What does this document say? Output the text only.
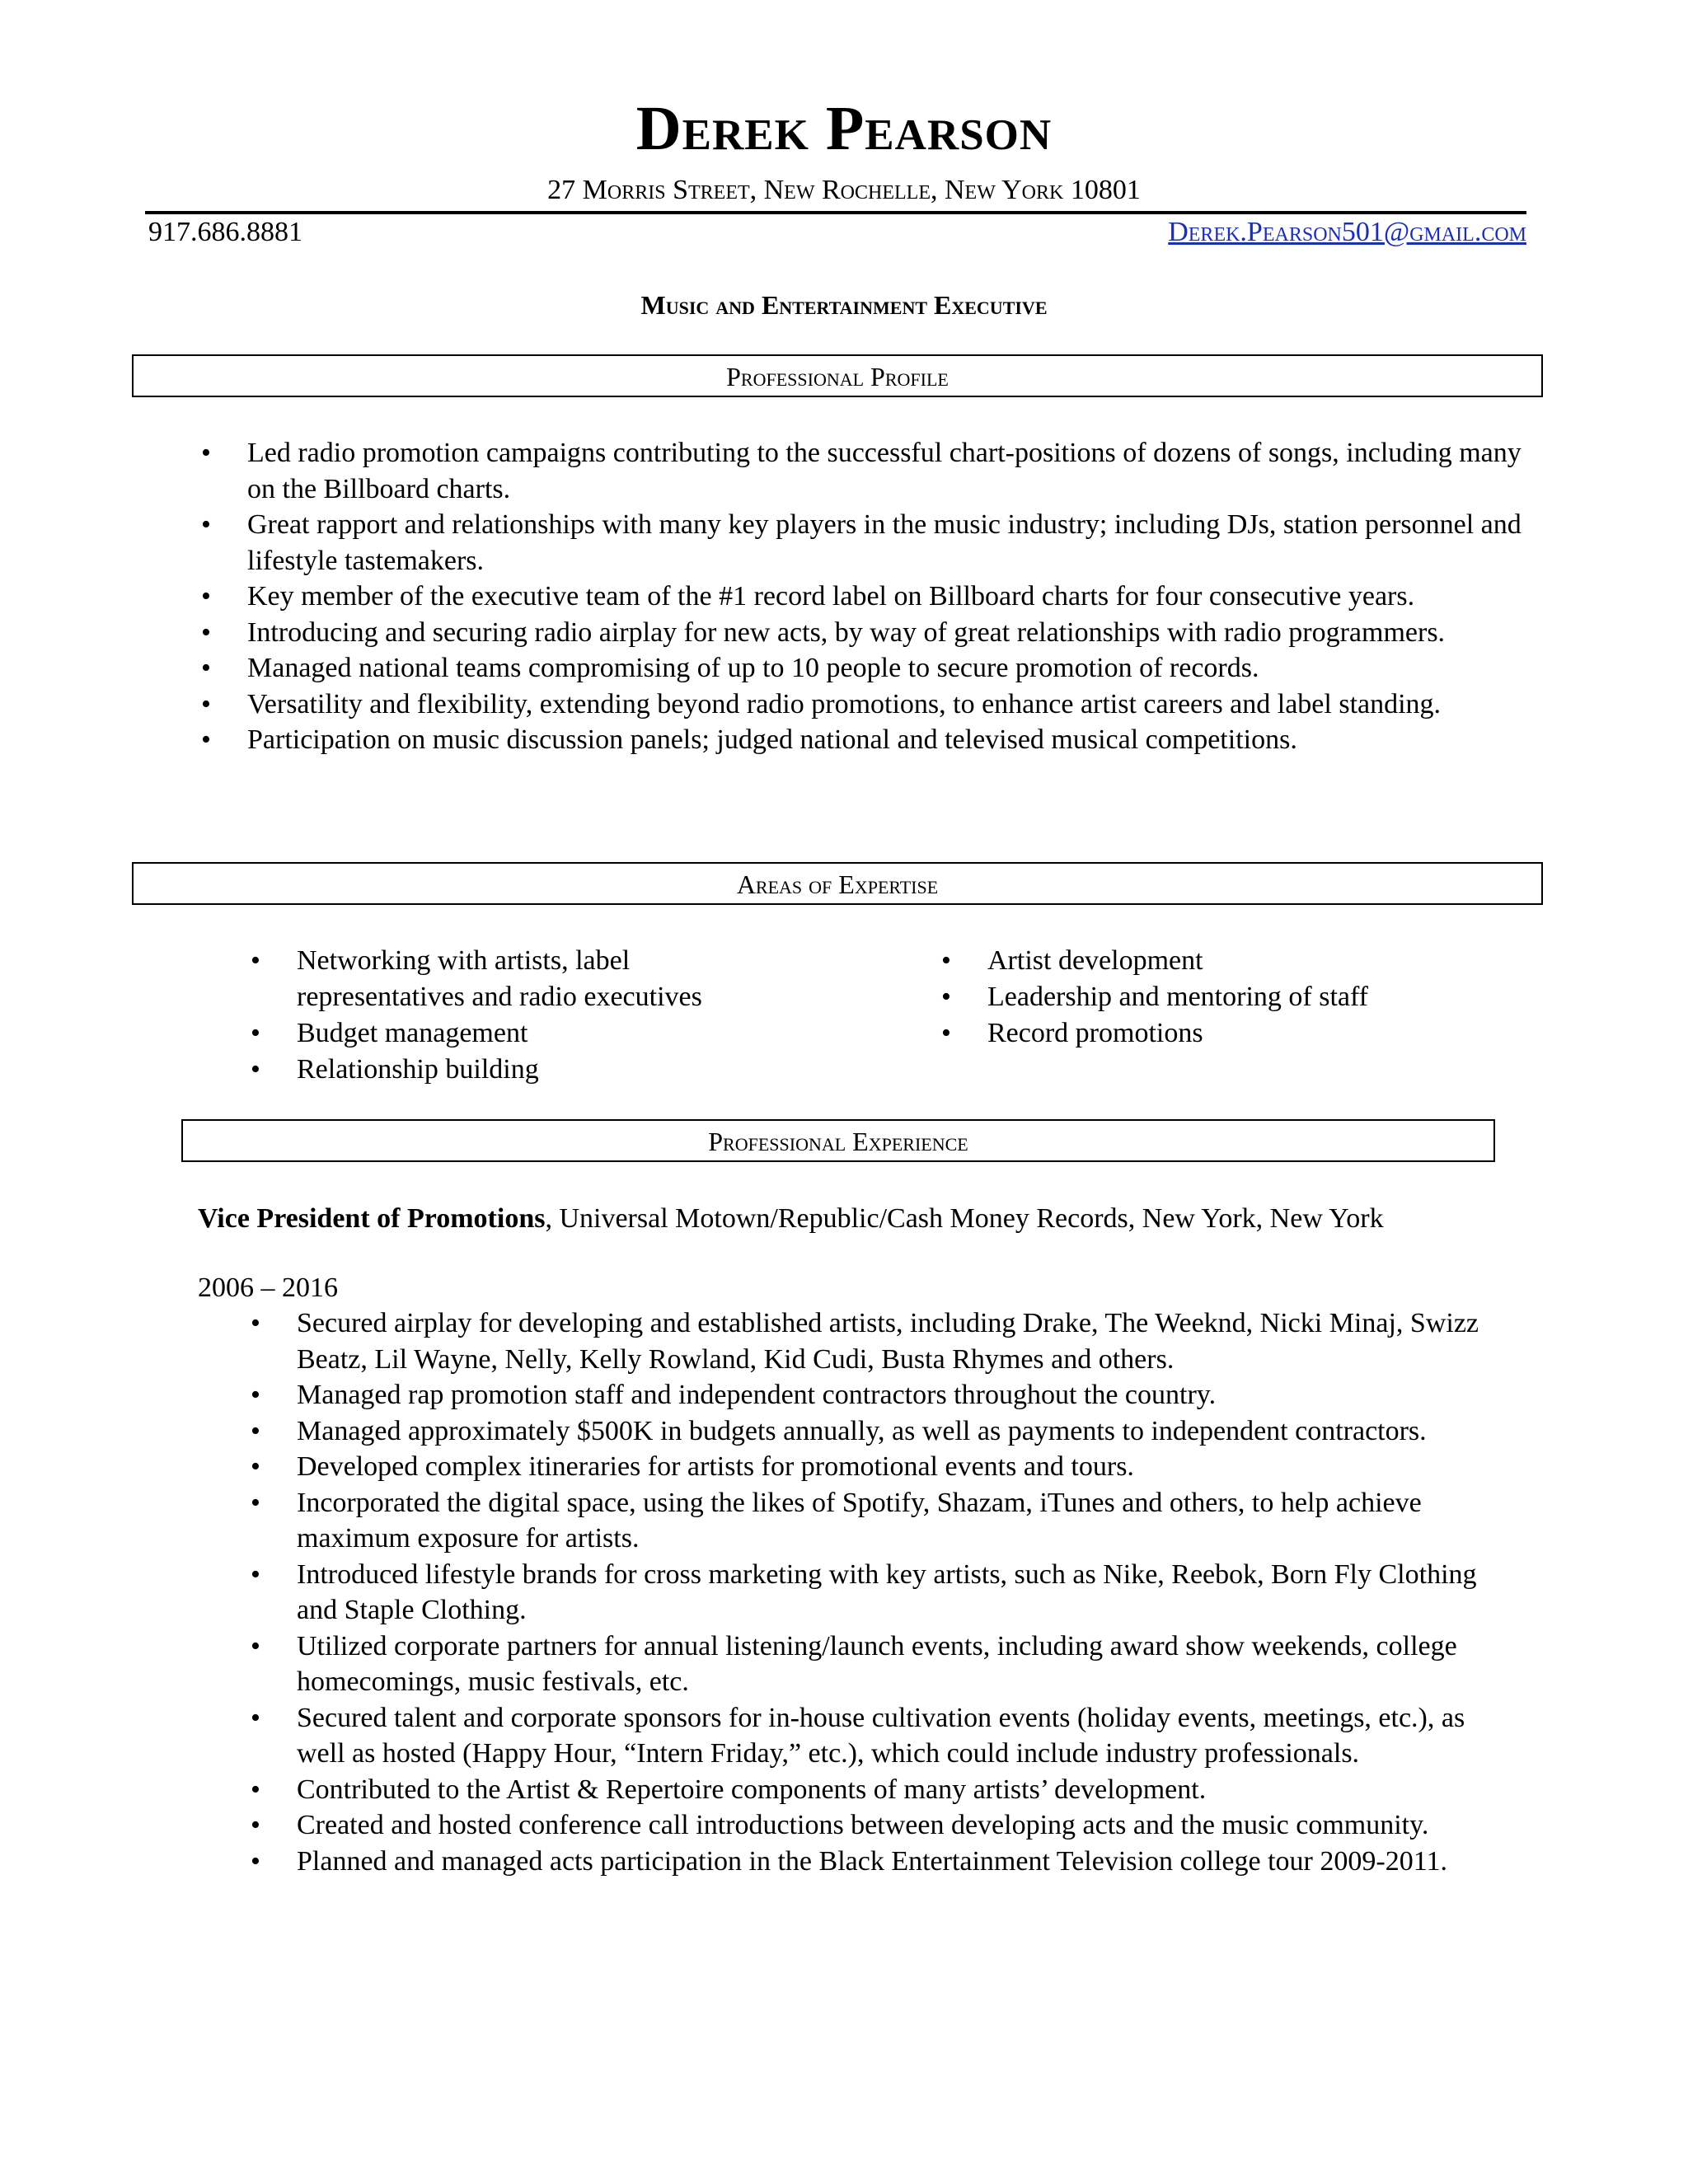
Derek Pearson
27 Morris Street, New Rochelle, New York 10801
917.686.8881	Derek.Pearson501@gmail.com
Music and Entertainment Executive
Professional Profile
• Led radio promotion campaigns contributing to the successful chart-positions of dozens of songs, including many on the Billboard charts.
• Great rapport and relationships with many key players in the music industry; including DJs, station personnel and lifestyle tastemakers.
• Key member of the executive team of the #1 record label on Billboard charts for four consecutive years.
• Introducing and securing radio airplay for new acts, by way of great relationships with radio programmers.
• Managed national teams compromising of up to 10 people to secure promotion of records.
• Versatility and flexibility, extending beyond radio promotions, to enhance artist careers and label standing.
• Participation on music discussion panels; judged national and televised musical competitions.
Areas of Expertise
• Networking with artists, label representatives and radio executives
• Budget management
• Relationship building
• Artist development
• Leadership and mentoring of staff
• Record promotions
Professional Experience
Vice President of Promotions, Universal Motown/Republic/Cash Money Records, New York, New York
2006 – 2016
• Secured airplay for developing and established artists, including Drake, The Weeknd, Nicki Minaj, Swizz Beatz, Lil Wayne, Nelly, Kelly Rowland, Kid Cudi, Busta Rhymes and others.
• Managed rap promotion staff and independent contractors throughout the country.
• Managed approximately $500K in budgets annually, as well as payments to independent contractors.
• Developed complex itineraries for artists for promotional events and tours.
• Incorporated the digital space, using the likes of Spotify, Shazam, iTunes and others, to help achieve maximum exposure for artists.
• Introduced lifestyle brands for cross marketing with key artists, such as Nike, Reebok, Born Fly Clothing and Staple Clothing.
• Utilized corporate partners for annual listening/launch events, including award show weekends, college homecomings, music festivals, etc.
• Secured talent and corporate sponsors for in-house cultivation events (holiday events, meetings, etc.), as well as hosted (Happy Hour, “Intern Friday,” etc.), which could include industry professionals.
• Contributed to the Artist & Repertoire components of many artists’ development.
• Created and hosted conference call introductions between developing acts and the music community.
• Planned and managed acts participation in the Black Entertainment Television college tour 2009-2011.
